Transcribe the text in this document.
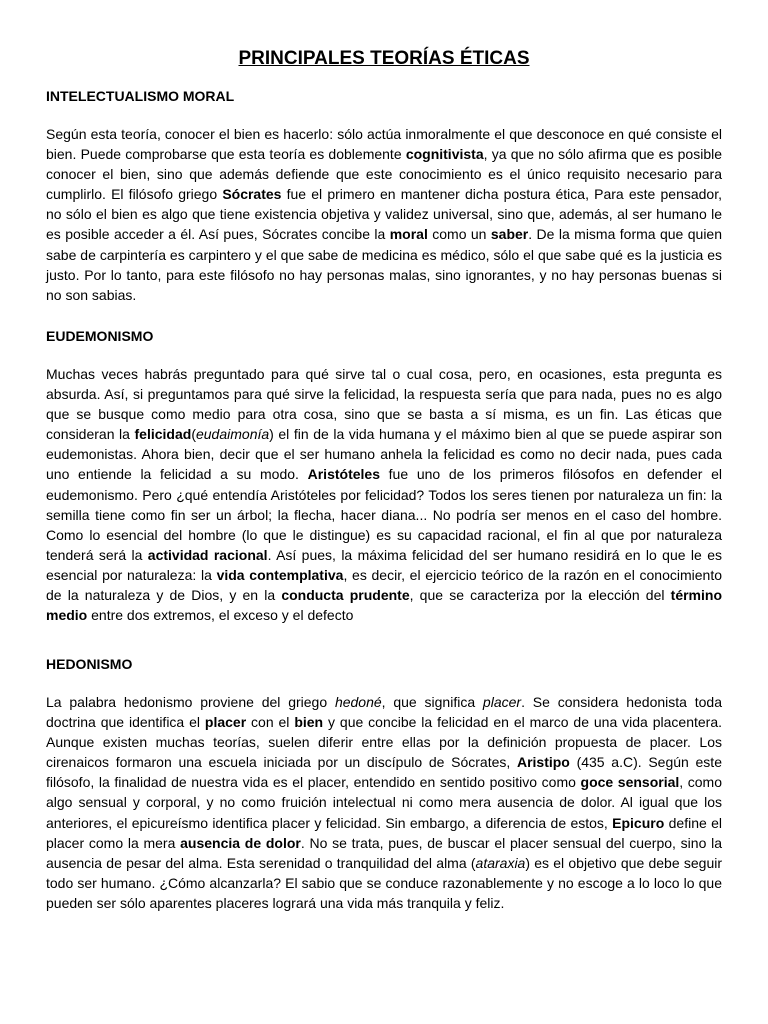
PRINCIPALES TEORÍAS ÉTICAS
INTELECTUALISMO MORAL

Según esta teoría, conocer el bien es hacerlo: sólo actúa inmoralmente el que desconoce en qué consiste el bien. Puede comprobarse que esta teoría es doblemente cognitivista, ya que no sólo afirma que es posible conocer el bien, sino que además defiende que este conocimiento es el único requisito necesario para cumplirlo. El filósofo griego Sócrates fue el primero en mantener dicha postura ética, Para este pensador, no sólo el bien es algo que tiene existencia objetiva y validez universal, sino que, además, al ser humano le es posible acceder a él. Así pues, Sócrates concibe la moral como un saber. De la misma forma que quien sabe de carpintería es carpintero y el que sabe de medicina es médico, sólo el que sabe qué es la justicia es justo. Por lo tanto, para este filósofo no hay personas malas, sino ignorantes, y no hay personas buenas si no son sabias.

EUDEMONISMO

Muchas veces habrás preguntado para qué sirve tal o cual cosa, pero, en ocasiones, esta pregunta es absurda. Así, si preguntamos para qué sirve la felicidad, la respuesta sería que para nada, pues no es algo que se busque como medio para otra cosa, sino que se basta a sí misma, es un fin. Las éticas que consideran la felicidad(eudaimonía) el fin de la vida humana y el máximo bien al que se puede aspirar son eudemonistas. Ahora bien, decir que el ser humano anhela la felicidad es como no decir nada, pues cada uno entiende la felicidad a su modo. Aristóteles fue uno de los primeros filósofos en defender el eudemonismo. Pero ¿qué entendía Aristóteles por felicidad? Todos los seres tienen por naturaleza un fin: la semilla tiene como fin ser un árbol; la flecha, hacer diana... No podría ser menos en el caso del hombre. Como lo esencial del hombre (lo que le distingue) es su capacidad racional, el fin al que por naturaleza tenderá será la actividad racional. Así pues, la máxima felicidad del ser humano residirá en lo que le es esencial por naturaleza: la vida contemplativa, es decir, el ejercicio teórico de la razón en el conocimiento de la naturaleza y de Dios, y en la conducta prudente, que se caracteriza por la elección del término medio entre dos extremos, el exceso y el defecto

HEDONISMO

La palabra hedonismo proviene del griego hedoné, que significa placer. Se considera hedonista toda doctrina que identifica el placer con el bien y que concibe la felicidad en el marco de una vida placentera. Aunque existen muchas teorías, suelen diferir entre ellas por la definición propuesta de placer. Los cirenaicos formaron una escuela iniciada por un discípulo de Sócrates, Aristipo (435 a.C). Según este filósofo, la finalidad de nuestra vida es el placer, entendido en sentido positivo como goce sensorial, como algo sensual y corporal, y no como fruición intelectual ni como mera ausencia de dolor. Al igual que los anteriores, el epicureísmo identifica placer y felicidad. Sin embargo, a diferencia de estos, Epicuro define el placer como la mera ausencia de dolor. No se trata, pues, de buscar el placer sensual del cuerpo, sino la ausencia de pesar del alma. Esta serenidad o tranquilidad del alma (ataraxia) es el objetivo que debe seguir todo ser humano. ¿Cómo alcanzarla? El sabio que se conduce razonablemente y no escoge a lo loco lo que pueden ser sólo aparentes placeres logrará una vida más tranquila y feliz.
